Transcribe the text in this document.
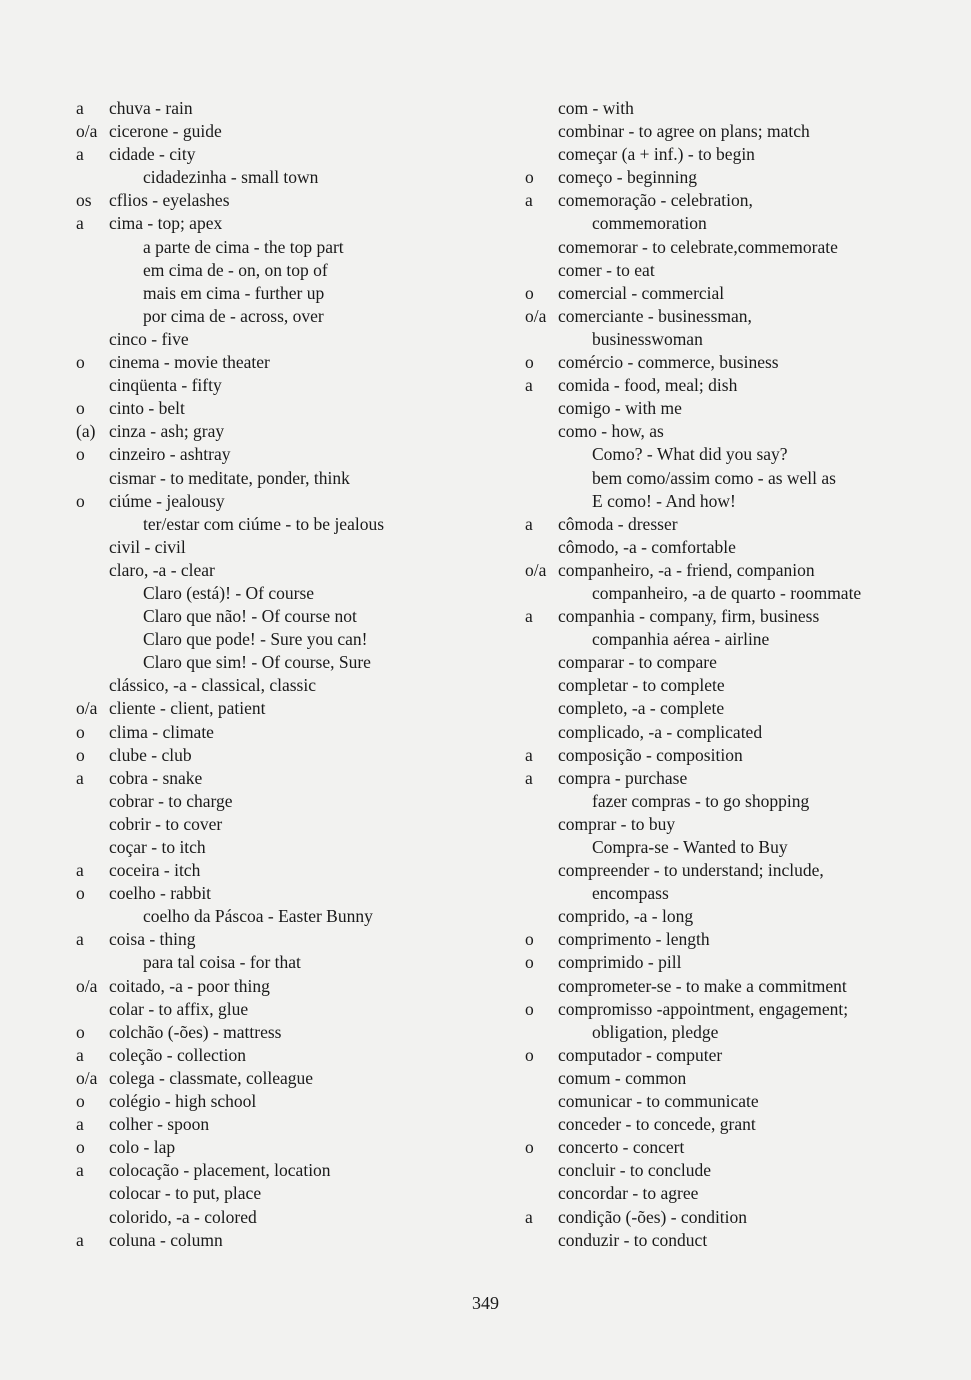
a chuva - rain
o/a cicerone - guide
a cidade - city
cidadezinha - small town
os cflios - eyelashes
a cima - top; apex
a parte de cima - the top part
em cima de - on, on top of
mais em cima - further up
por cima de - across, over
cinco - five
o cinema - movie theater
cinqüenta - fifty
o cinto - belt
(a) cinza - ash; gray
o cinzeiro - ashtray
cismar - to meditate, ponder, think
o ciúme - jealousy
ter/estar com ciúme - to be jealous
civil - civil
claro, -a - clear
Claro (está)! - Of course
Claro que não! - Of course not
Claro que pode! - Sure you can!
Claro que sim! - Of course, Sure
clássico, -a - classical, classic
o/a cliente - client, patient
o clima - climate
o clube - club
a cobra - snake
cobrar - to charge
cobrir - to cover
coçar - to itch
a coceira - itch
o coelho - rabbit
coelho da Páscoa - Easter Bunny
a coisa - thing
para tal coisa - for that
o/a coitado, -a - poor thing
colar - to affix, glue
o colchão (-ões) - mattress
a coleção - collection
o/a colega - classmate, colleague
o colégio - high school
a colher - spoon
o colo - lap
a colocação - placement, location
colocar - to put, place
colorido, -a - colored
a coluna - column
com - with
combinar - to agree on plans; match
começar (a + inf.) - to begin
o começo - beginning
a comemoração - celebration,
commemoration
comemorar - to celebrate,commemorate
comer - to eat
o comercial - commercial
o/a comerciante - businessman,
businesswoman
o comércio - commerce, business
a comida - food, meal; dish
comigo - with me
como - how, as
Como? - What did you say?
bem como/assim como - as well as
E como! - And how!
a cômoda - dresser
cômodo, -a - comfortable
o/a companheiro, -a - friend, companion
companheiro, -a de quarto - roommate
a companhia - company, firm, business
companhia aérea - airline
comparar - to compare
completar - to complete
completo, -a - complete
complicado, -a - complicated
a composição - composition
a compra - purchase
fazer compras - to go shopping
comprar - to buy
Compra-se - Wanted to Buy
compreender - to understand; include,
encompass
comprido, -a - long
o comprimento - length
o comprimido - pill
comprometer-se - to make a commitment
o compromisso -appointment, engagement;
obligation, pledge
o computador - computer
comum - common
comunicar - to communicate
conceder - to concede, grant
o concerto - concert
concluir - to conclude
concordar - to agree
a condição (-ões) - condition
conduzir - to conduct
349
